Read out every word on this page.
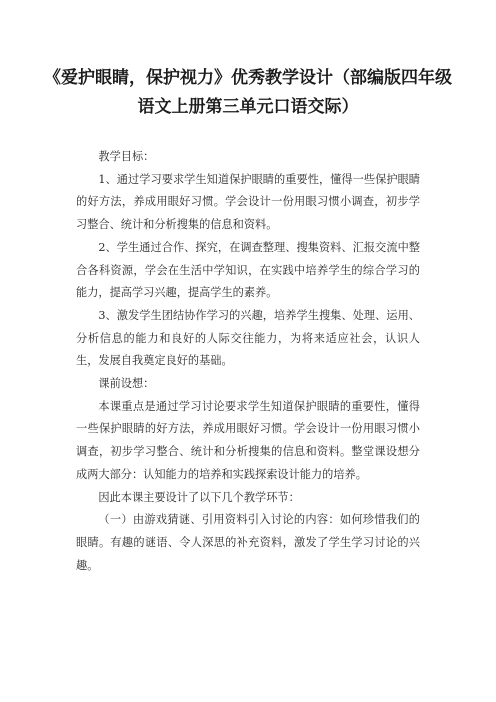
《爱护眼睛，保护视力》优秀教学设计（部编版四年级语文上册第三单元口语交际）

教学目标：

1、通过学习要求学生知道保护眼睛的重要性，懂得一些保护眼睛的好方法，养成用眼好习惯。学会设计一份用眼习惯小调查，初步学习整合、统计和分析搜集的信息和资料。

2、学生通过合作、探究，在调查整理、搜集资料、汇报交流中整合各科资源，学会在生活中学知识，在实践中培养学生的综合学习的能力，提高学习兴趣，提高学生的素养。

3、激发学生团结协作学习的兴趣，培养学生搜集、处理、运用、分析信息的能力和良好的人际交往能力，为将来适应社会，认识人生，发展自我奠定良好的基础。

课前设想：

本课重点是通过学习讨论要求学生知道保护眼睛的重要性，懂得一些保护眼睛的好方法，养成用眼好习惯。学会设计一份用眼习惯小调查，初步学习整合、统计和分析搜集的信息和资料。整堂课设想分成两大部分：认知能力的培养和实践探索设计能力的培养。

因此本课主要设计了以下几个教学环节：

（一）由游戏猜谜、引用资料引入讨论的内容：如何珍惜我们的眼睛。有趣的谜语、令人深思的补充资料，激发了学生学习讨论的兴趣。
